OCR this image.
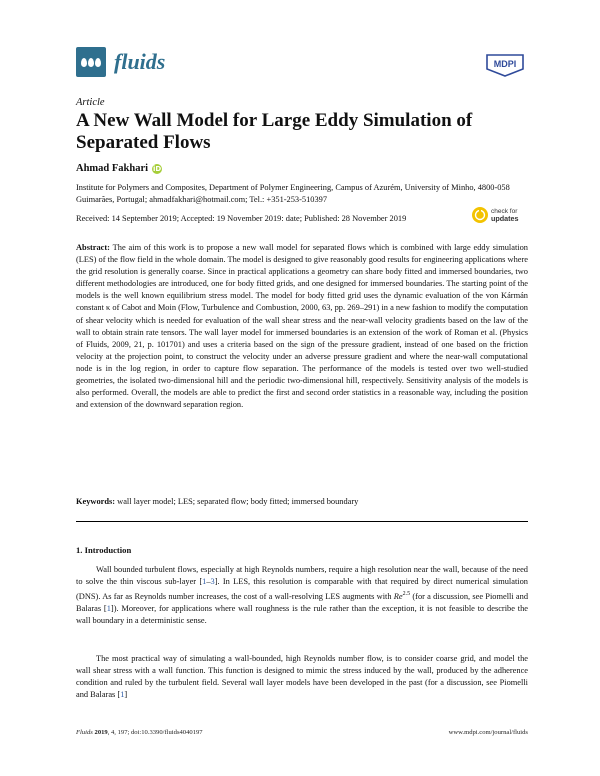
fluids	MDPI
Article
A New Wall Model for Large Eddy Simulation of Separated Flows
Ahmad Fakhari iD
Institute for Polymers and Composites, Department of Polymer Engineering, Campus of Azurém, University of Minho, 4800-058 Guimarães, Portugal; ahmadfakhari@hotmail.com; Tel.: +351-253-510397
Received: 14 September 2019; Accepted: 19 November 2019: date; Published: 28 November 2019
check for
updates
Abstract: The aim of this work is to propose a new wall model for separated flows which is combined with large eddy simulation (LES) of the flow field in the whole domain. The model is designed to give reasonably good results for engineering applications where the grid resolution is generally coarse. Since in practical applications a geometry can share body fitted and immersed boundaries, two different methodologies are introduced, one for body fitted grids, and one designed for immersed boundaries. The starting point of the models is the well known equilibrium stress model. The model for body fitted grid uses the dynamic evaluation of the von Kármán constant κ of Cabot and Moin (Flow, Turbulence and Combustion, 2000, 63, pp. 269–291) in a new fashion to modify the computation of shear velocity which is needed for evaluation of the wall shear stress and the near-wall velocity gradients based on the law of the wall to obtain strain rate tensors. The wall layer model for immersed boundaries is an extension of the work of Roman et al. (Physics of Fluids, 2009, 21, p. 101701) and uses a criteria based on the sign of the pressure gradient, instead of one based on the friction velocity at the projection point, to construct the velocity under an adverse pressure gradient and where the near-wall computational node is in the log region, in order to capture flow separation. The performance of the models is tested over two well-studied geometries, the isolated two-dimensional hill and the periodic two-dimensional hill, respectively. Sensitivity analysis of the models is also performed. Overall, the models are able to predict the first and second order statistics in a reasonable way, including the position and extension of the downward separation region.
Keywords: wall layer model; LES; separated flow; body fitted; immersed boundary
1. Introduction
Wall bounded turbulent flows, especially at high Reynolds numbers, require a high resolution near the wall, because of the need to solve the thin viscous sub-layer [1–3]. In LES, this resolution is comparable with that required by direct numerical simulation (DNS). As far as Reynolds number increases, the cost of a wall-resolving LES augments with $Re^{2.5}$ (for a discussion, see Piomelli and Balaras [1]). Moreover, for applications where wall roughness is the rule rather than the exception, it is not feasible to describe the wall boundary in a deterministic sense.
The most practical way of simulating a wall-bounded, high Reynolds number flow, is to consider coarse grid, and model the wall shear stress with a wall function. This function is designed to mimic the stress induced by the wall, produced by the adherence condition and ruled by the turbulent field. Several wall layer models have been developed in the past (for a discussion, see Piomelli and Balaras [1]
Fluids 2019, 4, 197; doi:10.3390/fluids4040197	www.mdpi.com/journal/fluids
